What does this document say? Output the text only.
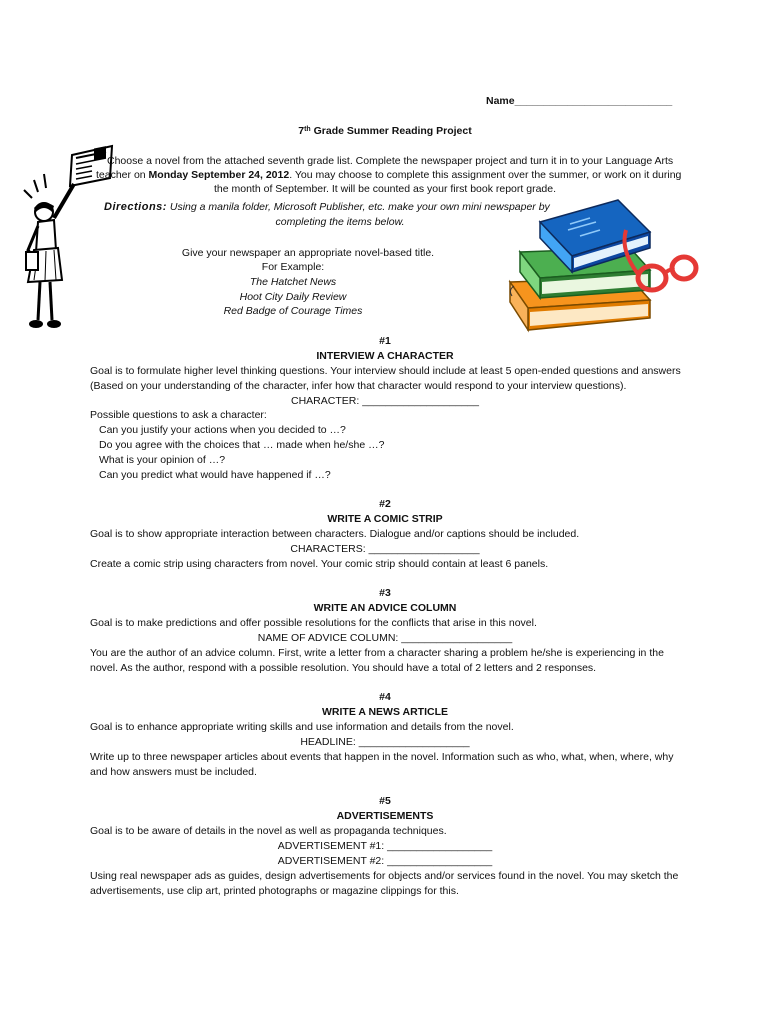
Name___________________________
7th Grade Summer Reading Project
Choose a novel from the attached seventh grade list. Complete the newspaper project and turn it in to your Language Arts
teacher on Monday September 24, 2012. You may choose to complete this assignment over the summer, or work on it during
the month of September. It will be counted as your first book report grade.
Directions: Using a manila folder, Microsoft Publisher, etc. make your own mini newspaper by
completing the items below.
Give your newspaper an appropriate novel-based title.
For Example:
The Hatchet News
Hoot City Daily Review
Red Badge of Courage Times
#1
INTERVIEW A CHARACTER
Goal is to formulate higher level thinking questions. Your interview should include at least 5 open-ended questions and answers
(Based on your understanding of the character, infer how that character would respond to your interview questions).
CHARACTER: ____________________
Possible questions to ask a character:
Can you justify your actions when you decided to …?
Do you agree with the choices that … made when he/she …?
What is your opinion of …?
Can you predict what would have happened if …?
#2
WRITE A COMIC STRIP
Goal is to show appropriate interaction between characters. Dialogue and/or captions should be included.
CHARACTERS: ___________________
Create a comic strip using characters from novel. Your comic strip should contain at least 6 panels.
#3
WRITE AN ADVICE COLUMN
Goal is to make predictions and offer possible resolutions for the conflicts that arise in this novel.
NAME OF ADVICE COLUMN: ___________________
You are the author of an advice column. First, write a letter from a character sharing a problem he/she is experiencing in the
novel. As the author, respond with a possible resolution. You should have a total of 2 letters and 2 responses.
#4
WRITE A NEWS ARTICLE
Goal is to enhance appropriate writing skills and use information and details from the novel.
HEADLINE: ___________________
Write up to three newspaper articles about events that happen in the novel. Information such as who, what, when, where, why
and how answers must be included.
#5
ADVERTISEMENTS
Goal is to be aware of details in the novel as well as propaganda techniques.
ADVERTISEMENT #1: __________________
ADVERTISEMENT #2: __________________
Using real newspaper ads as guides, design advertisements for objects and/or services found in the novel. You may sketch the
advertisements, use clip art, printed photographs or magazine clippings for this.
